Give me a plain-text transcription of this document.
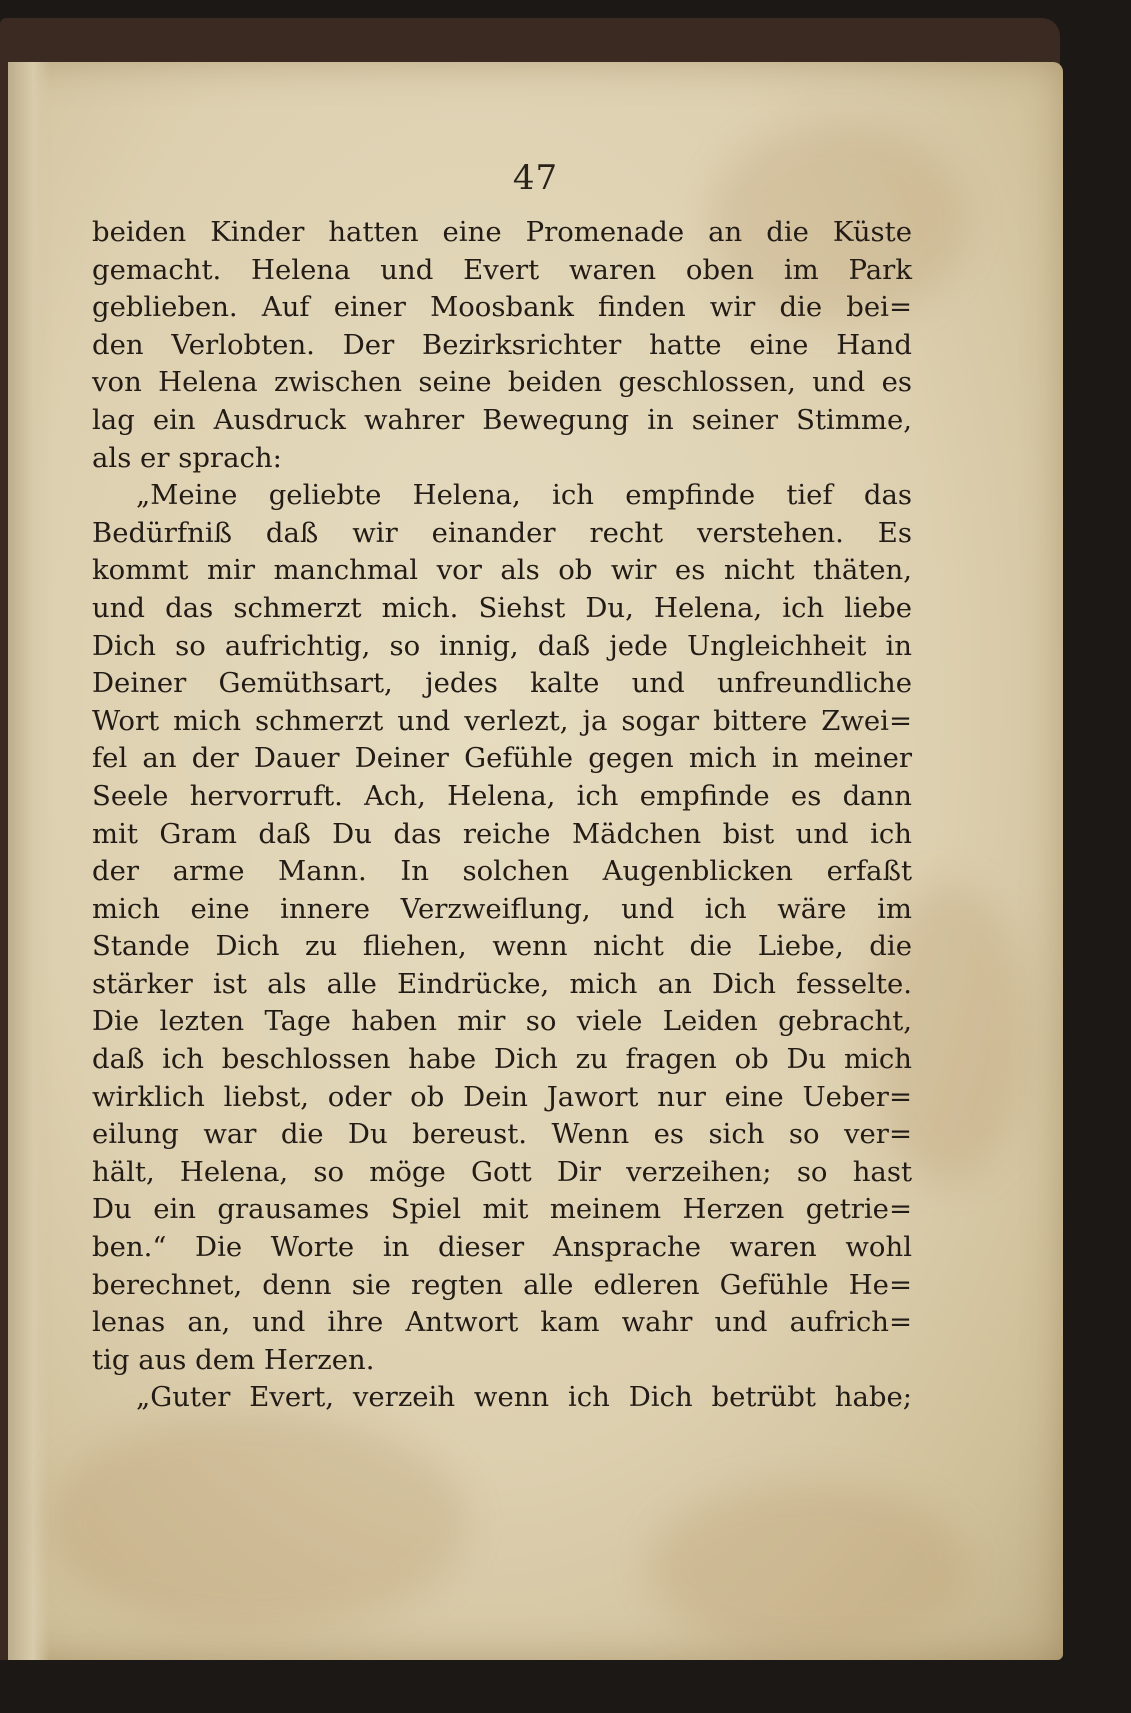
47
beiden Kinder hatten eine Promenade an die Küste
gemacht. Helena und Evert waren oben im Park
geblieben. Auf einer Moosbank finden wir die bei=
den Verlobten. Der Bezirksrichter hatte eine Hand
von Helena zwischen seine beiden geschlossen, und es
lag ein Ausdruck wahrer Bewegung in seiner Stimme,
als er sprach:
„Meine geliebte Helena, ich empfinde tief das
Bedürfniß daß wir einander recht verstehen. Es
kommt mir manchmal vor als ob wir es nicht thäten,
und das schmerzt mich. Siehst Du, Helena, ich liebe
Dich so aufrichtig, so innig, daß jede Ungleichheit in
Deiner Gemüthsart, jedes kalte und unfreundliche
Wort mich schmerzt und verlezt, ja sogar bittere Zwei=
fel an der Dauer Deiner Gefühle gegen mich in meiner
Seele hervorruft. Ach, Helena, ich empfinde es dann
mit Gram daß Du das reiche Mädchen bist und ich
der arme Mann. In solchen Augenblicken erfaßt
mich eine innere Verzweiflung, und ich wäre im
Stande Dich zu fliehen, wenn nicht die Liebe, die
stärker ist als alle Eindrücke, mich an Dich fesselte.
Die lezten Tage haben mir so viele Leiden gebracht,
daß ich beschlossen habe Dich zu fragen ob Du mich
wirklich liebst, oder ob Dein Jawort nur eine Ueber=
eilung war die Du bereust. Wenn es sich so ver=
hält, Helena, so möge Gott Dir verzeihen; so hast
Du ein grausames Spiel mit meinem Herzen getrie=
ben.“ Die Worte in dieser Ansprache waren wohl
berechnet, denn sie regten alle edleren Gefühle He=
lenas an, und ihre Antwort kam wahr und aufrich=
tig aus dem Herzen.
„Guter Evert, verzeih wenn ich Dich betrübt habe;
